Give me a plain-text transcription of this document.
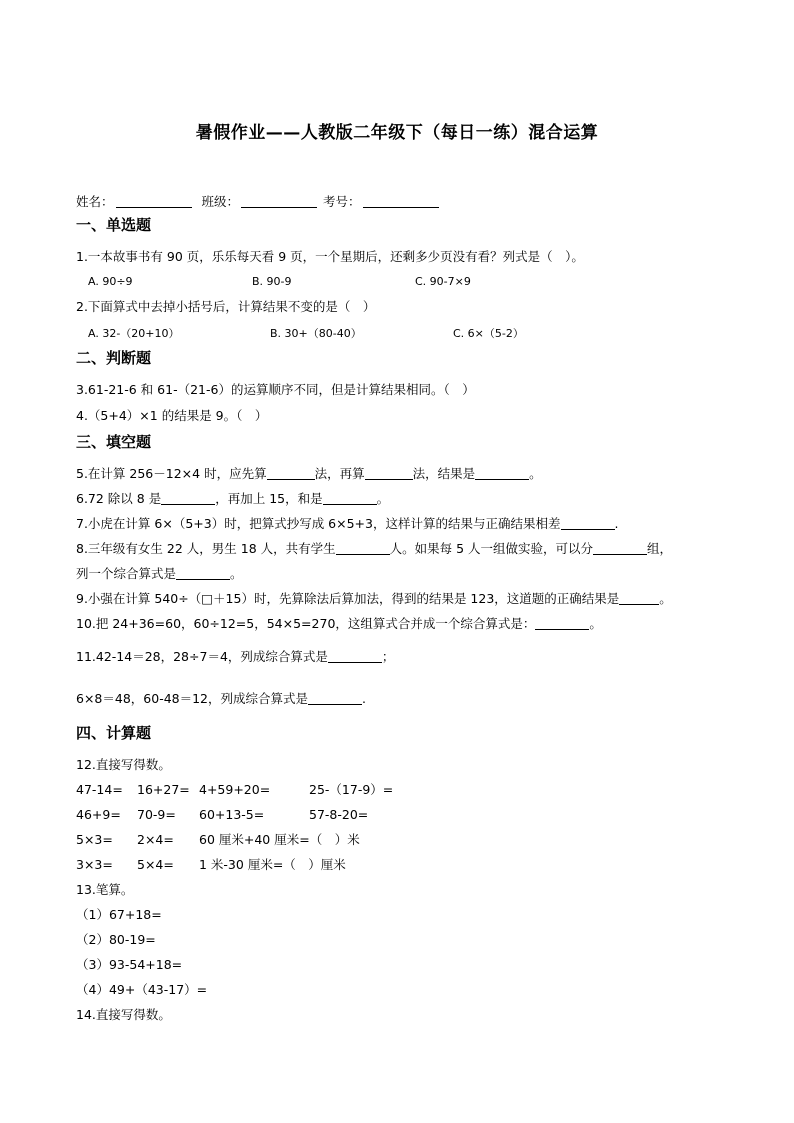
暑假作业——人教版二年级下（每日一练）混合运算
姓名：	班级：	考号：
一、单选题
1.一本故事书有 90 页，乐乐每天看 9 页，一个星期后，还剩多少页没有看？列式是（　）。
A. 90÷9	B. 90-9	C. 90-7×9
2.下面算式中去掉小括号后，计算结果不变的是（　）
A. 32-（20+10）	B. 30+（80-40）	C. 6×（5-2）
二、判断题
3.61-21-6 和 61-（21-6）的运算顺序不同，但是计算结果相同。（　）
4.（5+4）×1 的结果是 9。（　）
三、填空题
5.在计算 256－12×4 时，应先算	法，再算	法，结果是	。
6.72 除以 8 是	，再加上 15，和是	。
7.小虎在计算 6×（5+3）时，把算式抄写成 6×5+3，这样计算的结果与正确结果相差	.
8.三年级有女生 22 人，男生 18 人，共有学生	人。如果每 5 人一组做实验，可以分	组，
列一个综合算式是	。
9.小强在计算 540÷（□＋15）时，先算除法后算加法，得到的结果是 123，这道题的正确结果是	。
10.把 24+36=60，60÷12=5，54×5=270，这组算式合并成一个综合算式是：	。
11.42-14＝28，28÷7＝4，列成综合算式是	；
6×8＝48，60-48＝12，列成综合算式是	.
四、计算题
12.直接写得数。
47-14= 16+27= 4+59+20=	25-（17-9）=
46+9= 70-9= 60+13-5=	57-8-20=
5×3= 2×4= 60 厘米+40 厘米=（　）米
3×3= 5×4= 1 米-30 厘米=（　）厘米
13.笔算。
（1）67+18=
（2）80-19=
（3）93-54+18=
（4）49+（43-17）=
14.直接写得数。
